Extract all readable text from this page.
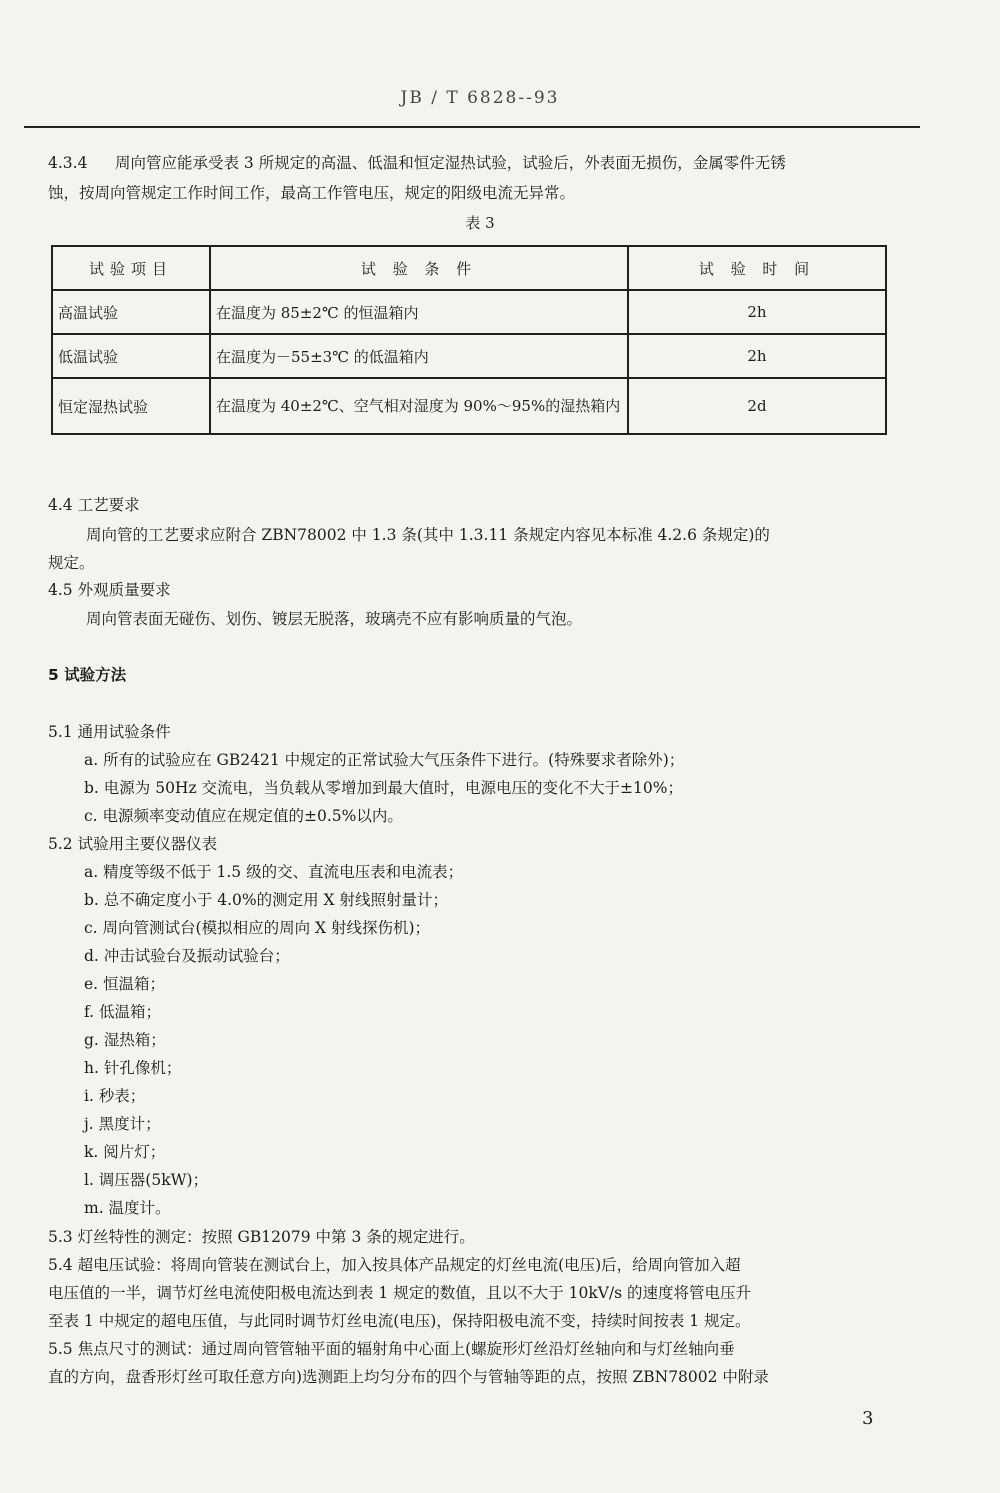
JB / T 6828--93
4.3.4 周向管应能承受表 3 所规定的高温、低温和恒定湿热试验，试验后，外表面无损伤，金属零件无锈
蚀，按周向管规定工作时间工作，最高工作管电压，规定的阳级电流无异常。
表 3
试验项目	试 验 条 件	试 验 时 间
高温试验	在温度为 85±2℃ 的恒温箱内	2h
低温试验	在温度为－55±3℃ 的低温箱内	2h
恒定湿热试验	在温度为 40±2℃、空气相对湿度为 90%～95%的湿热箱内	2d
4.4 工艺要求
周向管的工艺要求应附合 ZBN78002 中 1.3 条(其中 1.3.11 条规定内容见本标准 4.2.6 条规定)的
规定。
4.5 外观质量要求
周向管表面无碰伤、划伤、镀层无脱落，玻璃壳不应有影响质量的气泡。
5 试验方法
5.1 通用试验条件
a. 所有的试验应在 GB2421 中规定的正常试验大气压条件下进行。(特殊要求者除外)；
b. 电源为 50Hz 交流电，当负载从零增加到最大值时，电源电压的变化不大于±10%；
c. 电源频率变动值应在规定值的±0.5%以内。
5.2 试验用主要仪器仪表
a. 精度等级不低于 1.5 级的交、直流电压表和电流表；
b. 总不确定度小于 4.0%的测定用 X 射线照射量计；
c. 周向管测试台(模拟相应的周向 X 射线探伤机)；
d. 冲击试验台及振动试验台；
e. 恒温箱；
f. 低温箱；
g. 湿热箱；
h. 针孔像机；
i. 秒表；
j. 黑度计；
k. 阅片灯；
l. 调压器(5kW)；
m. 温度计。
5.3 灯丝特性的测定：按照 GB12079 中第 3 条的规定进行。
5.4 超电压试验：将周向管装在测试台上，加入按具体产品规定的灯丝电流(电压)后，给周向管加入超
电压值的一半，调节灯丝电流使阳极电流达到表 1 规定的数值，且以不大于 10kV/s 的速度将管电压升
至表 1 中规定的超电压值，与此同时调节灯丝电流(电压)，保持阳极电流不变，持续时间按表 1 规定。
5.5 焦点尺寸的测试：通过周向管管轴平面的辐射角中心面上(螺旋形灯丝沿灯丝轴向和与灯丝轴向垂
直的方向，盘香形灯丝可取任意方向)选测距上均匀分布的四个与管轴等距的点，按照 ZBN78002 中附录
3
